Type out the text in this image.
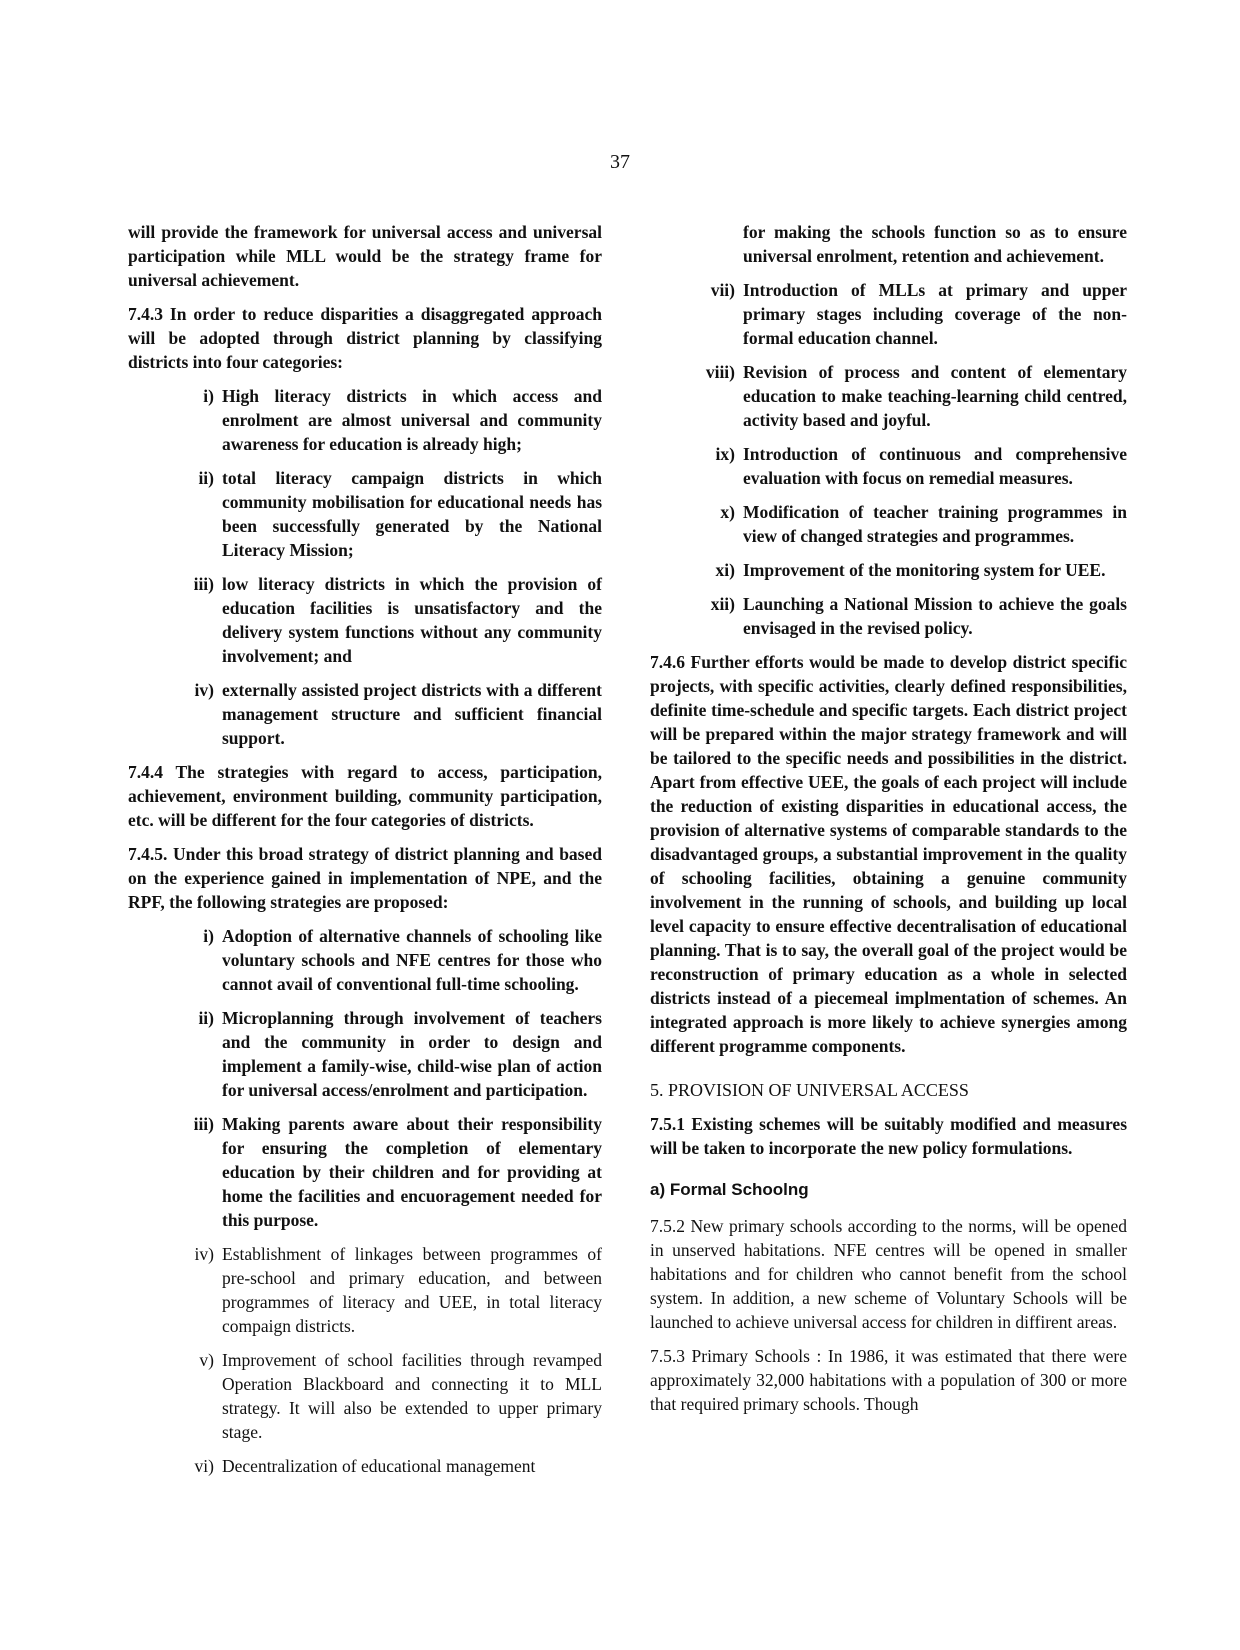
37

will provide the framework for universal access and universal participation while MLL would be the strategy frame for universal achievement.

7.4.3 In order to reduce disparities a disaggregated approach will be adopted through district planning by classifying districts into four categories:

i) High literacy districts in which access and enrolment are almost universal and community awareness for education is already high;
ii) total literacy campaign districts in which community mobilisation for educational needs has been successfully generated by the National Literacy Mission;
iii) low literacy districts in which the provision of education facilities is unsatisfactory and the delivery system functions without any community involvement; and
iv) externally assisted project districts with a different management structure and sufficient financial support.

7.4.4 The strategies with regard to access, participation, achievement, environment building, community participation, etc. will be different for the four categories of districts.

7.4.5. Under this broad strategy of district planning and based on the experience gained in implementation of NPE, and the RPF, the following strategies are proposed:

i) Adoption of alternative channels of schooling like voluntary schools and NFE centres for those who cannot avail of conventional full-time schooling.
ii) Microplanning through involvement of teachers and the community in order to design and implement a family-wise, child-wise plan of action for universal access/enrolment and participation.
iii) Making parents aware about their responsibility for ensuring the completion of elementary education by their children and for providing at home the facilities and encuoragement needed for this purpose.
iv) Establishment of linkages between programmes of pre-school and primary education, and between programmes of literacy and UEE, in total literacy compaign districts.
v) Improvement of school facilities through revamped Operation Blackboard and connecting it to MLL strategy. It will also be extended to upper primary stage.
vi) Decentralization of educational management
for making the schools function so as to ensure universal enrolment, retention and achievement.
vii) Introduction of MLLs at primary and upper primary stages including coverage of the non-formal education channel.
viii) Revision of process and content of elementary education to make teaching-learning child centred, activity based and joyful.
ix) Introduction of continuous and comprehensive evaluation with focus on remedial measures.
x) Modification of teacher training programmes in view of changed strategies and programmes.
xi) Improvement of the monitoring system for UEE.
xii) Launching a National Mission to achieve the goals envisaged in the revised policy.

7.4.6 Further efforts would be made to develop district specific projects, with specific activities, clearly defined responsibilities, definite time-schedule and specific targets. Each district project will be prepared within the major strategy framework and will be tailored to the specific needs and possibilities in the district. Apart from effective UEE, the goals of each project will include the reduction of existing disparities in educational access, the provision of alternative systems of comparable standards to the disadvantaged groups, a substantial improvement in the quality of schooling facilities, obtaining a genuine community involvement in the running of schools, and building up local level capacity to ensure effective decentralisation of educational planning. That is to say, the overall goal of the project would be reconstruction of primary education as a whole in selected districts instead of a piecemeal implmentation of schemes. An integrated approach is more likely to achieve synergies among different programme components.

5. PROVISION OF UNIVERSAL ACCESS

7.5.1 Existing schemes will be suitably modified and measures will be taken to incorporate the new policy formulations.

a) Formal Schoolng

7.5.2 New primary schools according to the norms, will be opened in unserved habitations. NFE centres will be opened in smaller habitations and for children who cannot benefit from the school system. In addition, a new scheme of Voluntary Schools will be launched to achieve universal access for children in diffirent areas.

7.5.3 Primary Schools : In 1986, it was estimated that there were approximately 32,000 habitations with a population of 300 or more that required primary schools. Though
